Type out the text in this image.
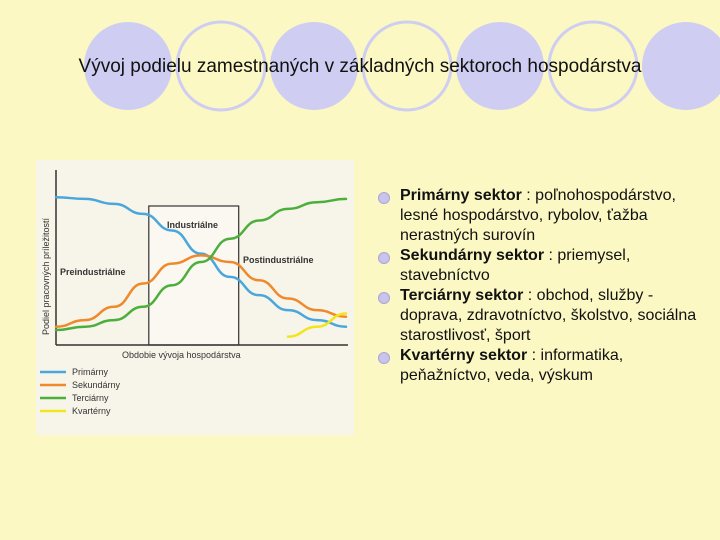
Vývoj podielu zamestnaných v základných sektoroch hospodárstva
Podiel pracovných príležitostí
Obdobie vývoja hospodárstva
Preindustriálne
Industriálne
Postindustriálne
Primárny
Sekundárny
Terciárny
Kvartérny
Primárny sektor : poľnohospodárstvo, lesné hospodárstvo, rybolov, ťažba nerastných surovín
Sekundárny sektor : priemysel, stavebníctvo
Terciárny sektor : obchod, služby - doprava, zdravotníctvo, školstvo, sociálna starostlivosť, šport
Kvartérny sektor : informatika, peňažníctvo, veda, výskum
